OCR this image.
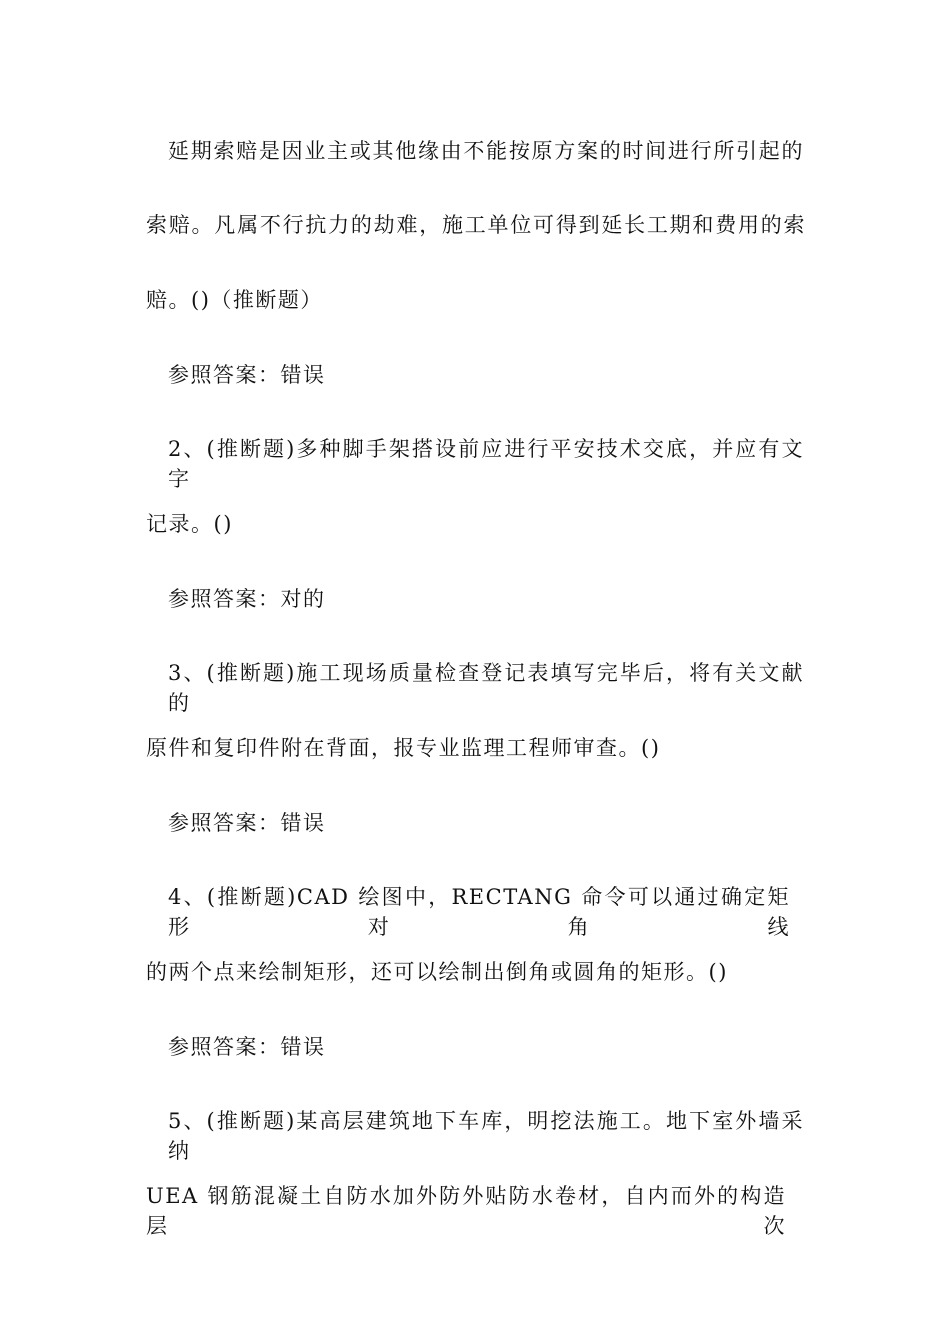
延期索赔是因业主或其他缘由不能按原方案的时间进行所引起的
索赔。凡属不行抗力的劫难，施工单位可得到延长工期和费用的索
赔。()（推断题）
参照答案：错误
2、(推断题)多种脚手架搭设前应进行平安技术交底，并应有文字
记录。()
参照答案：对的
3、(推断题)施工现场质量检查登记表填写完毕后，将有关文献的
原件和复印件附在背面，报专业监理工程师审查。()
参照答案：错误
4、(推断题)CAD 绘图中，RECTANG 命令可以通过确定矩形对角线
的两个点来绘制矩形，还可以绘制出倒角或圆角的矩形。()
参照答案：错误
5、(推断题)某高层建筑地下车库，明挖法施工。地下室外墙采纳
UEA 钢筋混凝土自防水加外防外贴防水卷材，自内而外的构造层次
